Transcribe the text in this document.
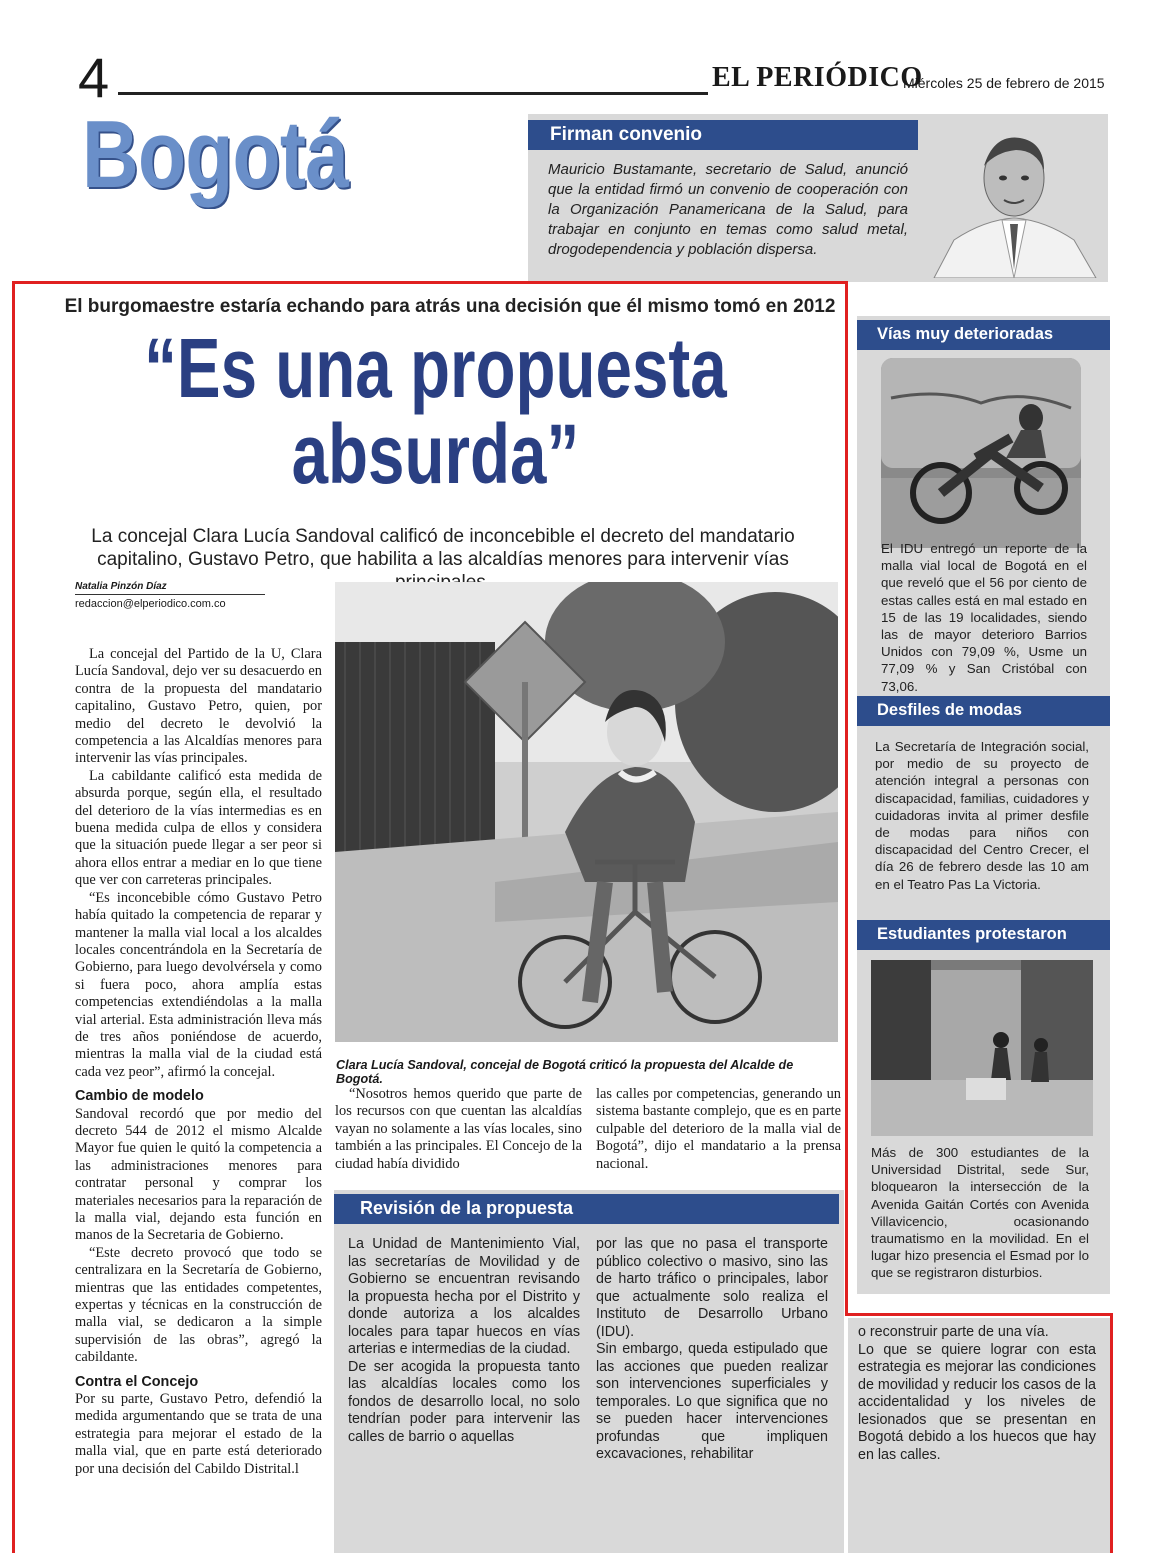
4	EL PERIÓDICO
Miércoles 25 de febrero de 2015
Bogotá	Firman convenio
Mauricio Bustamante, secretario de Salud, anunció que la entidad firmó un convenio de cooperación con la Organización Panamericana de la Salud, para trabajar en conjunto en temas como salud metal, drogodependencia y población dispersa.
El burgomaestre estaría echando para atrás una decisión que él mismo tomó en 2012
“Es una propuesta
absurda”
La concejal Clara Lucía Sandoval calificó de inconcebible el decreto del mandatario capitalino, Gustavo Petro, que habilita a las alcaldías menores para intervenir vías
Natalia Pinzón Díaz
redaccion@elperiodico.com.co

La concejal del Partido de la U, Clara Lucía Sandoval, dejo ver su desacuerdo en contra de la propuesta del mandatario capitalino, Gustavo Petro, quien, por medio del decreto le devolvió la competencia a las Alcaldías menores para intervenir las vías principales.

La cabildante calificó esta medida de absurda porque, según ella, el resultado del deterioro de la vías intermedias es en buena medida culpa de ellos y considera que la situación puede llegar a ser peor si ahora ellos entrar a mediar en lo que tiene que ver con carreteras principales.

“Es inconcebible cómo Gustavo Petro había quitado la competencia de reparar y mantener la malla vial local a los alcaldes locales concentrándola en la Secretaría de Gobierno, para luego devolvérsela y como si fuera poco, ahora amplía estas competencias extendiéndolas a la malla vial arterial. Esta administración lleva más de tres años poniéndose de acuerdo, mientras la malla vial de la ciudad está cada vez peor”, afirmó la concejal.

Cambio de modelo

Sandoval recordó que por medio del decreto 544 de 2012 el mismo Alcalde Mayor fue quien le quitó la competencia a las administraciones menores para contratar personal y comprar los materiales necesarios para la reparación de la malla vial, dejando esta función en manos de la Secretaria de Gobierno.

“Este decreto provocó que todo se centralizara en la Secretaría de Gobierno, mientras que las entidades competentes, expertas y técnicas en la construcción de malla vial, se dedicaron a la simple supervisión de las obras”, agregó la cabildante.

Contra el Concejo

Por su parte, Gustavo Petro, defendió la medida argumentando que se trata de una estrategia para mejorar el estado de la malla vial, que en parte está deteriorado por una decisión del Cabildo Distrital.l

Clara Lucía Sandoval, concejal de Bogotá criticó la propuesta del Alcalde de Bogotá.

“Nosotros hemos querido que parte de los recursos con que cuentan las alcaldías vayan no solamente a las vías locales, sino también a las principales. El Concejo de la ciudad había dividido

las calles por competencias, generando un sistema bastante complejo, que es en parte culpable del deterioro de la malla vial de Bogotá”, dijo el mandatario a la prensa nacional.

Revisión de la propuesta

La Unidad de Mantenimiento Vial, las secretarías de Movilidad y de Gobierno se encuentran revisando la propuesta hecha por el Distrito y donde autoriza a los alcaldes locales para tapar huecos en vías arterias e intermedias de la ciudad.

De ser acogida la propuesta tanto las alcaldías locales como los fondos de desarrollo local, no solo tendrían poder para intervenir las calles de barrio o aquellas

por las que no pasa el transporte público colectivo o masivo, sino las de harto tráfico o principales, labor que actualmente solo realiza el Instituto de Desarrollo Urbano (IDU).

Sin embargo, queda estipulado que las acciones que pueden realizar son intervenciones superficiales y temporales. Lo que significa que no se pueden hacer intervenciones profundas que impliquen excavaciones, rehabilitar

Vías muy deterioradas
El IDU entregó un reporte de la malla vial local de Bogotá en el que reveló que el 56 por ciento de estas calles está en mal estado en 15 de las 19 localidades, siendo las de mayor deterioro Barrios Unidos con 79,09 %, Usme un 77,09 % y San Cristóbal con 73,06.
Desfiles de modas
La Secretaría de Integración social, por medio de su proyecto de atención integral a personas con discapacidad, familias, cuidadores y cuidadoras invita al primer desfile de modas para niños con discapacidad del Centro Crecer, el día 26 de febrero desde las 10 am en el Teatro Pas La Victoria.
Estudiantes protestaron
Más de 300 estudiantes de la Universidad Distrital, sede Sur, bloquearon la intersección de la Avenida Gaitán Cortés con Avenida Villavicencio, ocasionando traumatismo en la movilidad. En el lugar hizo presencia el Esmad por lo que se registraron disturbios.

o reconstruir parte de una vía.

Lo que se quiere lograr con esta estrategia es mejorar las condiciones de movilidad y reducir los casos de la accidentalidad y los niveles de lesionados que se presentan en Bogotá debido a los huecos que hay en las calles.
